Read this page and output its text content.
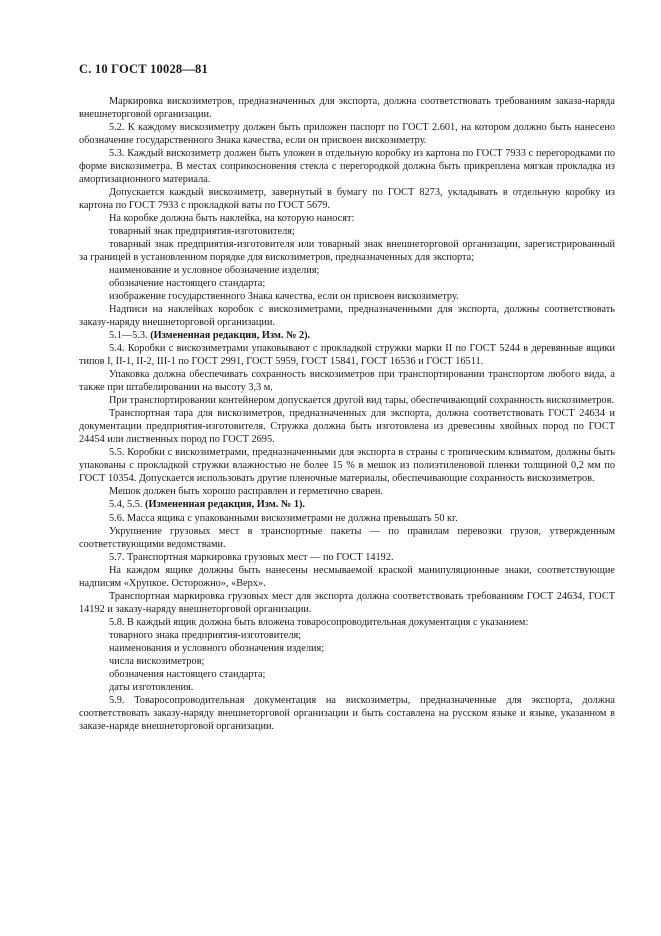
С. 10 ГОСТ 10028—81

Маркировка вискозиметров, предназначенных для экспорта, должна соответствовать требованиям заказа-наряда внешнеторговой организации.

5.2. К каждому вискозиметру должен быть приложен паспорт по ГОСТ 2.601, на котором должно быть нанесено обозначение государственного Знака качества, если он присвоен вискозиметру.

5.3. Каждый вискозиметр должен быть уложен в отдельную коробку из картона по ГОСТ 7933 с перегородками по форме вискозиметра. В местах соприкосновения стекла с перегородкой должна быть прикреплена мягкая прокладка из амортизационного материала.

Допускается каждый вискозиметр, завернутый в бумагу по ГОСТ 8273, укладывать в отдельную коробку из картона по ГОСТ 7933 с прокладкой ваты по ГОСТ 5679.

На коробке должна быть наклейка, на которую наносят:

товарный знак предприятия-изготовителя;

товарный знак предприятия-изготовителя или товарный знак внешнеторговой организации, зарегистрированный за границей в установленном порядке для вискозиметров, предназначенных для экспорта;

наименование и условное обозначение изделия;

обозначение настоящего стандарта;

изображение государственного Знака качества, если он присвоен вискозиметру.

Надписи на наклейках коробок с вискозиметрами, предназначенными для экспорта, должны соответствовать заказу-наряду внешнеторговой организации.

5.1—5.3. (Измененная редакция, Изм. № 2).

5.4. Коробки с вискозиметрами упаковывают с прокладкой стружки марки II по ГОСТ 5244 в деревянные ящики типов I, II-1, II-2, III-1 по ГОСТ 2991, ГОСТ 5959, ГОСТ 15841, ГОСТ 16536 и ГОСТ 16511.

Упаковка должна обеспечивать сохранность вискозиметров при транспортировании транспортом любого вида, а также при штабелировании на высоту 3,3 м.

При транспортировании контейнером допускается другой вид тары, обеспечивающий сохранность вискозиметров.

Транспортная тара для вискозиметров, предназначенных для экспорта, должна соответствовать ГОСТ 24634 и документации предприятия-изготовителя. Стружка должна быть изготовлена из древесины хвойных пород по ГОСТ 24454 или лиственных пород по ГОСТ 2695.

5.5. Коробки с вискозиметрами, предназначенными для экспорта в страны с тропическим климатом, должны быть упакованы с прокладкой стружки влажностью не более 15 % в мешок из полиэтиленовой пленки толщиной 0,2 мм по ГОСТ 10354. Допускается использовать другие пленочные материалы, обеспечивающие сохранность вискозиметров.

Мешок должен быть хорошо расправлен и герметично сварен.

5.4, 5.5. (Измененная редакция, Изм. № 1).

5.6. Масса ящика с упакованными вискозиметрами не должна превышать 50 кг.

Укрупнение грузовых мест в транспортные пакеты — по правилам перевозки грузов, утвержденным соответствующими ведомствами.

5.7. Транспортная маркировка грузовых мест — по ГОСТ 14192.

На каждом ящике должны быть нанесены несмываемой краской манипуляционные знаки, соответствующие надписям «Хрупкое. Осторожно», «Верх».

Транспортная маркировка грузовых мест для экспорта должна соответствовать требованиям ГОСТ 24634, ГОСТ 14192 и заказу-наряду внешнеторговой организации.

5.8. В каждый ящик должна быть вложена товаросопроводительная документация с указанием:

товарного знака предприятия-изготовителя;

наименования и условного обозначения изделия;

числа вискозиметров;

обозначения настоящего стандарта;

даты изготовления.

5.9. Товаросопроводительная документация на вискозиметры, предназначенные для экспорта, должна соответствовать заказу-наряду внешнеторговой организации и быть составлена на русском языке и языке, указанном в заказе-наряде внешнеторговой организации.
